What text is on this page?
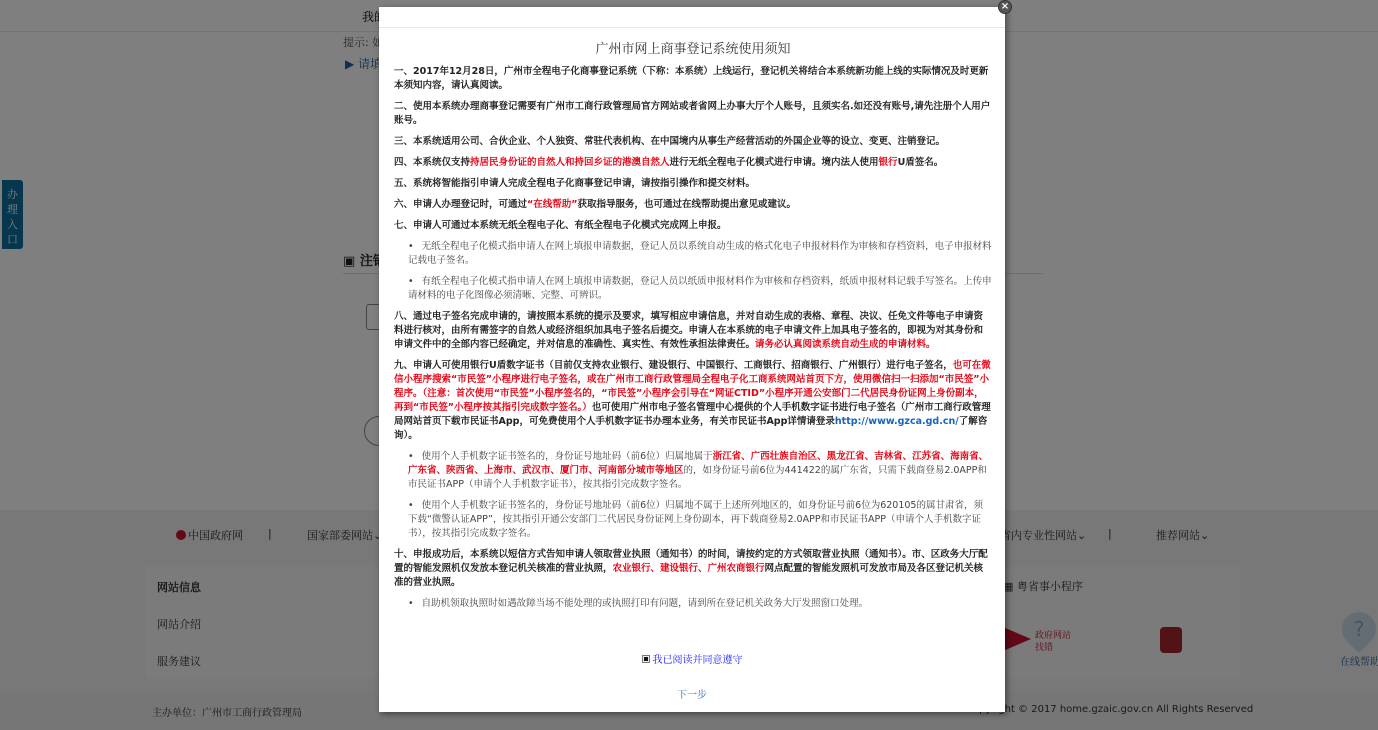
广州市网上商事登记系统使用须知

一、2017年12月28日，广州市全程电子化商事登记系统（下称：本系统）上线运行，登记机关将结合本系统新功能上线的实际情况及时更新本须知内容，请认真阅读。

二、使用本系统办理商事登记需要有广州市工商行政管理局官方网站或者省网上办事大厅个人账号，且须实名.如还没有账号,请先注册个人用户账号。

三、本系统适用公司、合伙企业、个人独资、常驻代表机构、在中国境内从事生产经营活动的外国企业等的设立、变更、注销登记。

四、本系统仅支持持居民身份证的自然人和持回乡证的港澳自然人进行无纸全程电子化模式进行申请。境内法人使用银行U盾签名。

五、系统将智能指引申请人完成全程电子化商事登记申请，请按指引操作和提交材料。

六、申请人办理登记时，可通过“在线帮助”获取指导服务，也可通过在线帮助提出意见或建议。

七、申请人可通过本系统无纸全程电子化、有纸全程电子化模式完成网上申报。

• 无纸全程电子化模式指申请人在网上填报申请数据，登记人员以系统自动生成的格式化电子申报材料作为审核和存档资料，电子申报材料记载电子签名。

• 有纸全程电子化模式指申请人在网上填报申请数据，登记人员以纸质申报材料作为审核和存档资料，纸质申报材料记载手写签名。上传申请材料的电子化图像必须清晰、完整、可辨识。

八、通过电子签名完成申请的，请按照本系统的提示及要求，填写相应申请信息，并对自动生成的表格、章程、决议、任免文件等电子申请资料进行核对，由所有需签字的自然人或经济组织加具电子签名后提交。申请人在本系统的电子申请文件上加具电子签名的，即视为对其身份和申请文件中的全部内容已经确定，并对信息的准确性、真实性、有效性承担法律责任。请务必认真阅读系统自动生成的申请材料。

九、申请人可使用银行U盾数字证书（目前仅支持农业银行、建设银行、中国银行、工商银行、招商银行、广州银行）进行电子签名，也可在微信小程序搜索“市民签”小程序进行电子签名，或在广州市工商行政管理局全程电子化工商系统网站首页下方，使用微信扫一扫添加“市民签”小程序。（注意：首次使用“市民签”小程序签名的，“市民签”小程序会引导在“网证CTID”小程序开通公安部门二代居民身份证网上身份副本，再到“市民签”小程序按其指引完成数字签名。）也可使用广州市电子签名管理中心提供的个人手机数字证书进行电子签名（广州市工商行政管理局网站首页下载市民证书App，可免费使用个人手机数字证书办理本业务，有关市民证书App详情请登录http://www.gzca.gd.cn/了解咨询）。

• 使用个人手机数字证书签名的，身份证号地址码（前6位）归属地属于浙江省、广西壮族自治区、黑龙江省、吉林省、江苏省、海南省、广东省、陕西省、上海市、武汉市、厦门市、河南部分城市等地区的，如身份证号前6位为441422的属广东省，只需下载商登易2.0APP和市民证书APP（申请个人手机数字证书），按其指引完成数字签名。

• 使用个人手机数字证书签名的，身份证号地址码（前6位）归属地不属于上述所列地区的，如身份证号前6位为620105的属甘肃省，须下载“微警认证APP”，按其指引开通公安部门二代居民身份证网上身份副本，再下载商登易2.0APP和市民证书APP（申请个人手机数字证书），按其指引完成数字签名。

十、申报成功后，本系统以短信方式告知申请人领取营业执照（通知书）的时间，请按约定的方式领取营业执照（通知书）。市、区政务大厅配置的智能发照机仅发放本登记机关核准的营业执照，农业银行、建设银行、广州农商银行网点配置的智能发照机可发放市局及各区登记机关核准的营业执照。

• 自助机领取执照时如遇故障当场不能处理的或执照打印有问题，请到所在登记机关政务大厅发照窗口处理。

我已阅读并同意遵守
下一步
×
